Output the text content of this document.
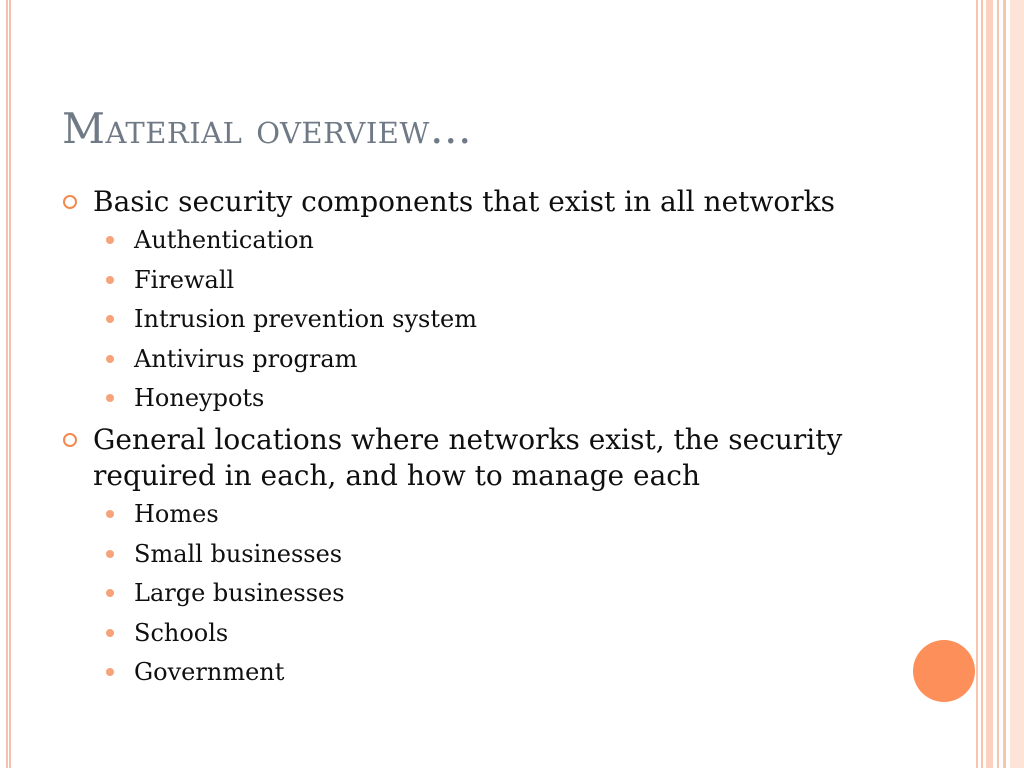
Material overview…
Basic security components that exist in all networks
Authentication
Firewall
Intrusion prevention system
Antivirus program
Honeypots
General locations where networks exist, the security required in each, and how to manage each
Homes
Small businesses
Large businesses
Schools
Government
